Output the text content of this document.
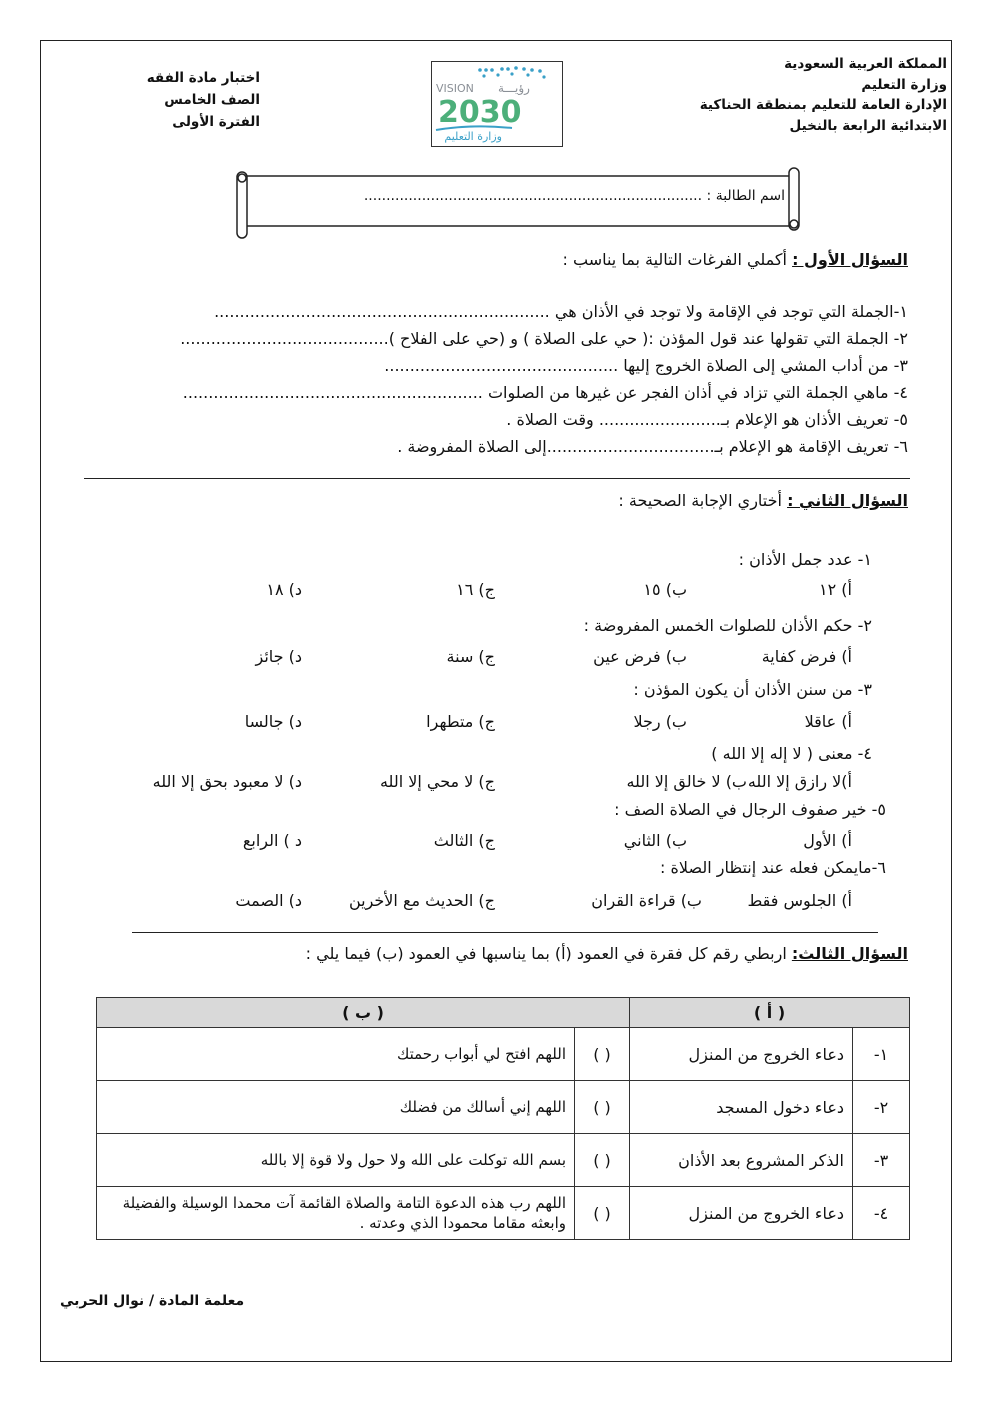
المملكة العربية السعودية
وزارة التعليم
الإدارة العامة للتعليم بمنطقة الحناكية
الابتدائية الرابعة بالنخيل
VISION رؤيـــة
2030
وزارة التعليم
اختبار مادة الفقه
الصف الخامس
الفترة الأولى
اسم الطالبة : ............................................................................
السؤال الأول : أكملي الفرغات التالية بما يناسب :
١-الجملة التي توجد في الإقامة ولا توجد في الأذان هي ..................................................................
٢- الجملة التي تقولها عند قول المؤذن :( حي على الصلاة ) و (حي على الفلاح ).........................................
٣- من أداب المشي إلى الصلاة الخروج إليها ..............................................
٤- ماهي الجملة التي تزاد في أذان الفجر عن غيرها من الصلوات ...........................................................
٥- تعريف الأذان هو الإعلام بـ........................ وقت الصلاة .
٦- تعريف الإقامة هو الإعلام بـ.................................إلى الصلاة المفروضة .
السؤال الثاني : أختاري الإجابة الصحيحة :
١- عدد جمل الأذان :
أ) ١٢
ب) ١٥
ج) ١٦
د) ١٨
٢- حكم الأذان للصلوات الخمس المفروضة :
أ) فرض كفاية
ب) فرض عين
ج) سنة
د) جائز
٣- من سنن الأذان أن يكون المؤذن :
أ) عاقلا
ب) رجلا
ج) متطهرا
د) جالسا
٤- معنى ( لا إله إلا الله )
أ)لا رازق إلا الله
ب) لا خالق إلا الله
ج) لا محي إلا الله
د) لا معبود بحق إلا الله
٥- خير صفوف الرجال في الصلاة الصف :
أ) الأول
ب) الثاني
ج) الثالث
د ) الرابع
٦-مايمكن فعله عند إنتظار الصلاة :
أ) الجلوس فقط
ب) قراءة القران
ج) الحديث مع الأخرين
د) الصمت
السؤال الثالث: اربطي رقم كل فقرة في العمود (أ) بما يناسبها في العمود (ب) فيما يلي :
( أ )		( ب )	
١-	دعاء الخروج من المنزل	( )	اللهم افتح لي أبواب رحمتك
٢-	دعاء دخول المسجد	( )	اللهم إني أسالك من فضلك
٣-	الذكر المشروع بعد الأذان	( )	بسم الله توكلت على الله ولا حول ولا قوة إلا بالله
٤-	دعاء الخروج من المنزل	( )	اللهم رب هذه الدعوة التامة والصلاة القائمة آت محمدا الوسيلة والفضيلة وابعثه مقاما محمودا الذي وعدته .
معلمة المادة / نوال الحربي
